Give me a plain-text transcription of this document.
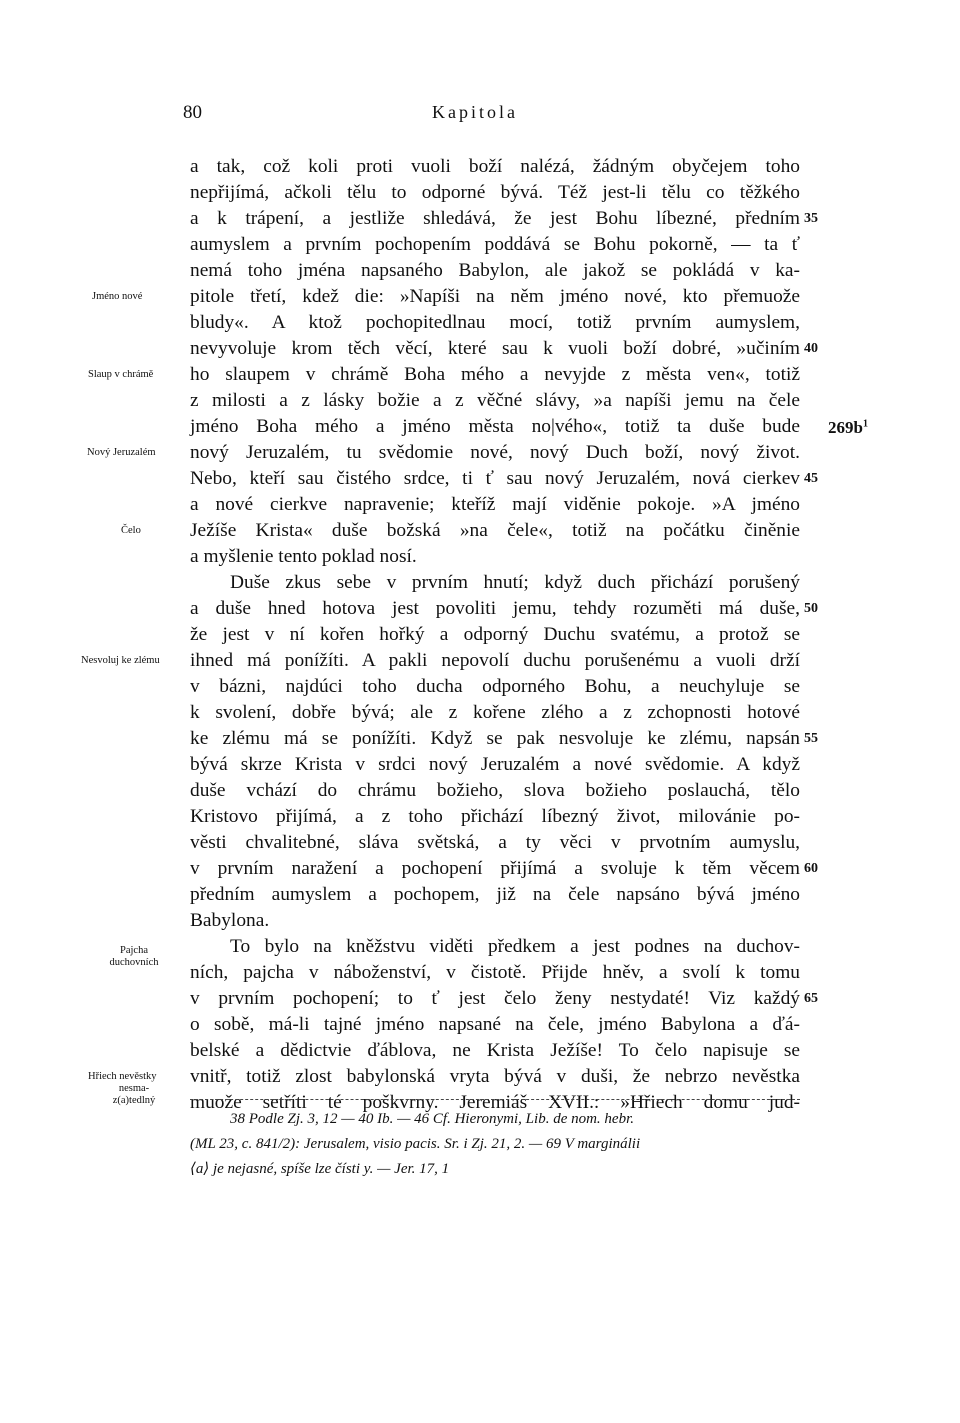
80	Kapitola
a tak, což koli proti vuoli boží nalézá, žádným obyčejem toho
nepřijímá, ačkoli tělu to odporné bývá. Též jest-li tělu co těžkého
a k trápení, a jestliže shledává, že jest Bohu líbezné, předním
aumyslem a prvním pochopením poddává se Bohu pokorně, — ta ť
nemá toho jména napsaného Babylon, ale jakož se pokládá v ka-
pitole třetí, kdež die: »Napíši na něm jméno nové, kto přemuože
bludy«. A ktož pochopitedlnau mocí, totiž prvním aumyslem,
nevyvoluje krom těch věcí, které sau k vuoli boží dobré, »učiním
ho slaupem v chrámě Boha mého a nevyjde z města ven«, totiž
z milosti a z lásky božie a z věčné slávy, »a napíši jemu na čele
jméno Boha mého a jméno města no|vého«, totiž ta duše bude
nový Jeruzalém, tu svědomie nové, nový Duch boží, nový život.
Nebo, kteří sau čistého srdce, ti ť sau nový Jeruzalém, nová cierkev
a nové cierkve napravenie; kteříž mají viděnie pokoje. »A jméno
Ježíše Krista« duše božská »na čele«, totiž na počátku činěnie
a myšlenie tento poklad nosí.
Duše zkus sebe v prvním hnutí; když duch přichází porušený
a duše hned hotova jest povoliti jemu, tehdy rozuměti má duše,
že jest v ní kořen hořký a odporný Duchu svatému, a protož se
ihned má poníží​ti. A pakli nepovolí duchu porušenému a vuoli drží
v bázni, najdúci toho ducha odporného Bohu, a neuchyluje se
k svolení, dobře bývá; ale z kořene zlého a z zchopnosti hotové
ke zlému má se poníží​ti. Když se pak nesvoluje ke zlému, napsán
bývá skrze Krista v srdci nový Jeruzalém a nové svědomie. A když
duše vchází do chrámu božieho, slova božieho poslauchá, tělo
Kristovo přijímá, a z toho přichází líbezný život, milovánie po-
věsti chvalitebné, sláva světská, a ty věci v prvotním aumyslu,
v prvním naražení a pochopení přijímá a svoluje k těm věcem
předním aumyslem a pochopem, již na čele napsáno bývá jméno
Babylona.
To bylo na kněžstvu viděti předkem a jest podnes na duchov-
ních, pajcha v náboženství, v čistotě. Přijde hněv, a svolí k tomu
v prvním pochopení; to ť jest čelo ženy nestydaté! Viz každý
o sobě, má-li tajné jméno napsané na čele, jméno Babylona a ďá-
belské a dědictvie ďáblova, ne Krista Ježíše! To čelo napisuje se
vnitř, totiž zlost babylonská vryta bývá v duši, že nebrzo nevěstka
muože setříti té poškvrny. Jeremiáš XVII.: »Hřiech domu jud-
Jméno nové
Slaup v chrámě
Nový Jeruzalém
Čelo
Nesvoluj ke zlému
Pajcha
duchovních
Hřiech nevěstky
nesma-
z(a)tedlný
35
40
45
50
55
60
65
$269b^1$
38 Podle Zj. 3, 12 — 40 Ib. — 46 Cf. Hieronymi, Lib. de nom. hebr.
(ML 23, c. 841/2): Jerusalem, visio pacis. Sr. i Zj. 21, 2. — 69 V marginálii
⟨a⟩ je nejasné, spíše lze čísti y. — Jer. 17, 1
